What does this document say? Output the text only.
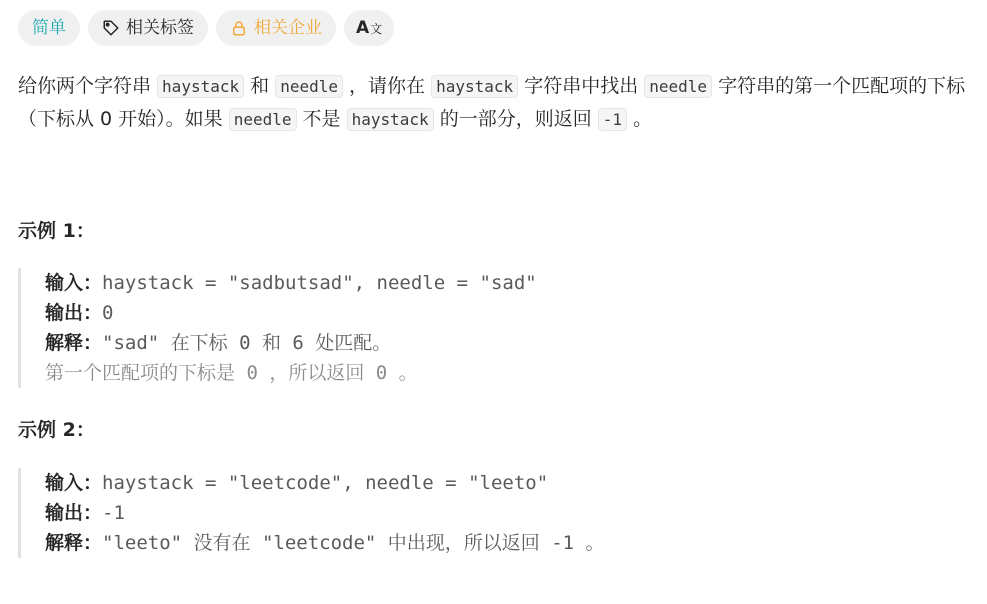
简单	相关标签	相关企业 A文
给你两个字符串 haystack 和 needle ，请你在 haystack 字符串中找出 needle 字符串的第一个匹配项的下标（下标从 0 开始）。如果 needle 不是 haystack 的一部分，则返回 -1 。
示例 1：
输入：haystack = "sadbutsad", needle = "sad"
输出：0
解释："sad" 在下标 0 和 6 处匹配。
第一个匹配项的下标是 0 ，所以返回 0 。
示例 2：
输入：haystack = "leetcode", needle = "leeto"
输出：-1
解释："leeto" 没有在 "leetcode" 中出现，所以返回 -1 。
